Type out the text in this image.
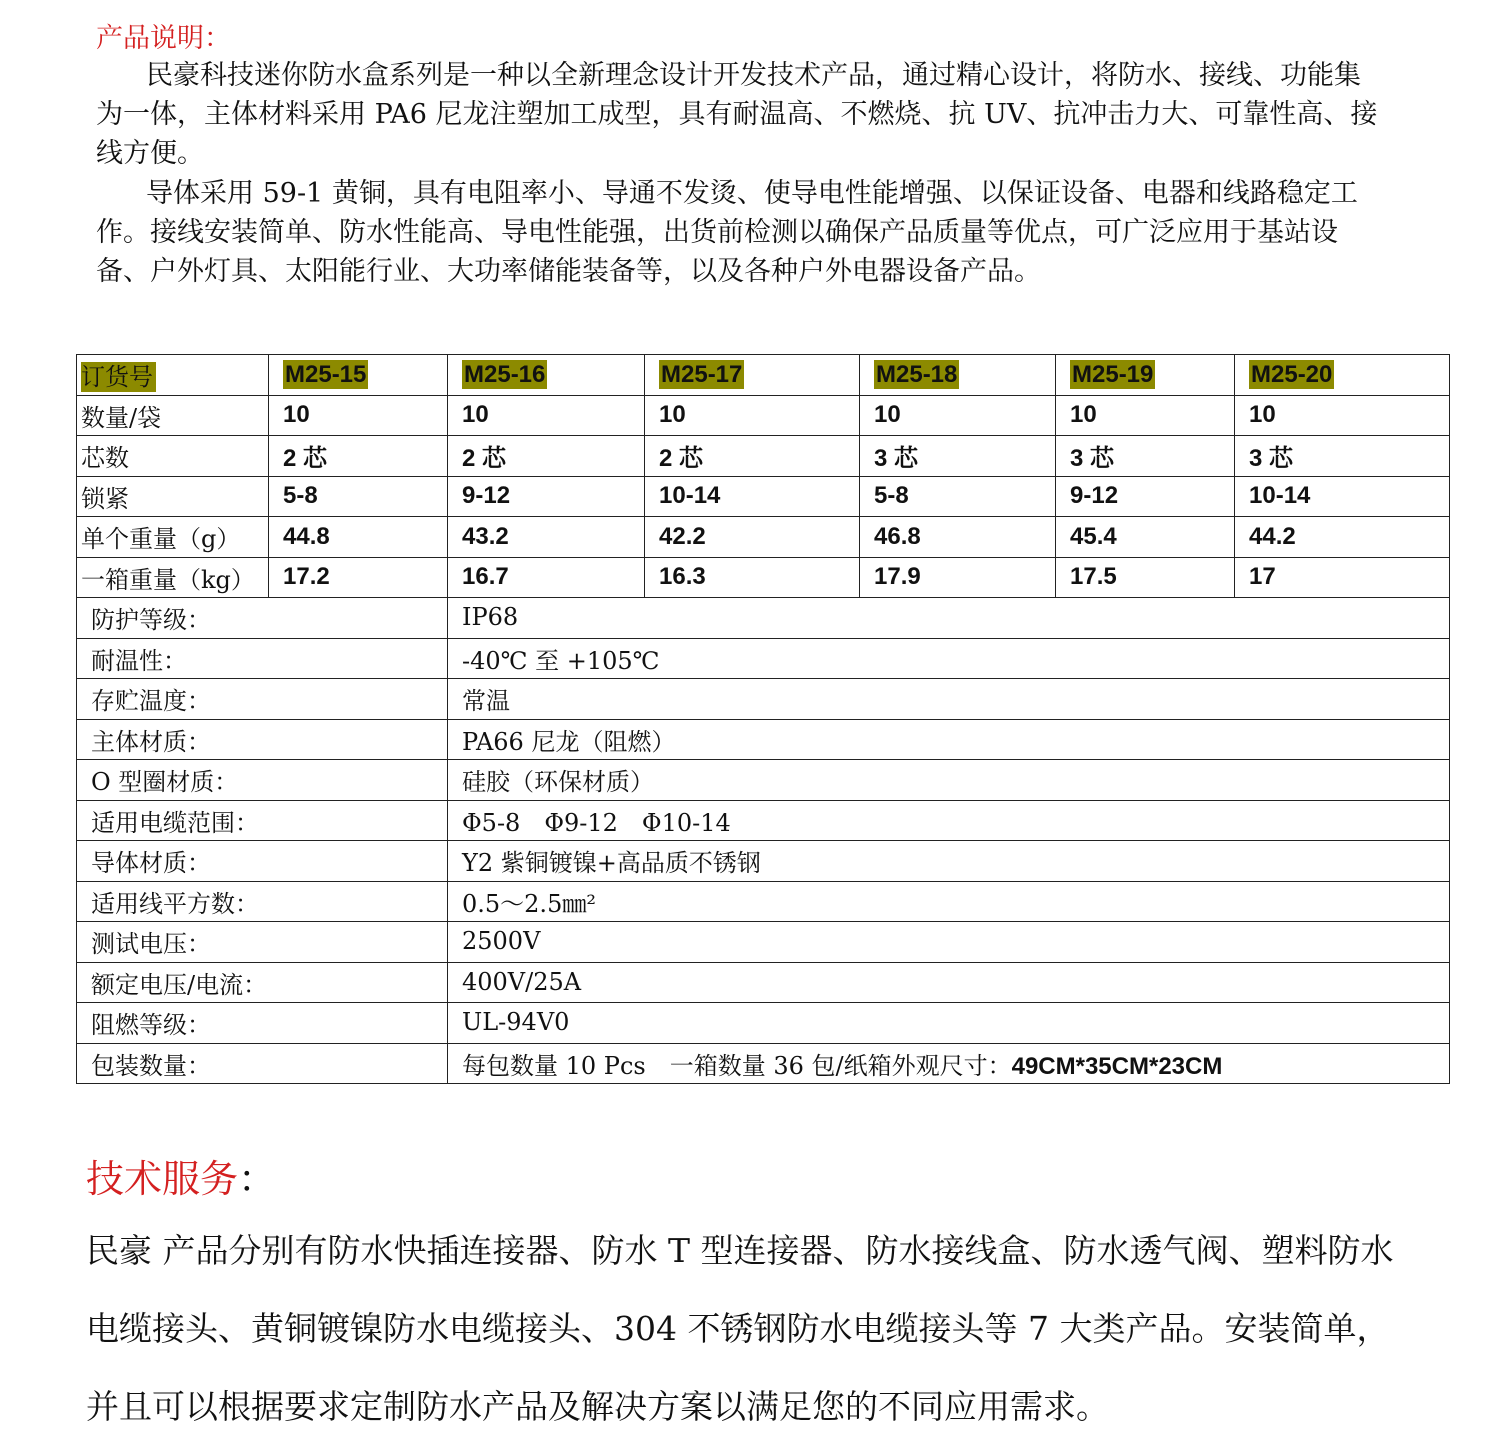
产品说明：

民豪科技迷你防水盒系列是一种以全新理念设计开发技术产品，通过精心设计，将防水、接线、功能集为一体，主体材料采用 PA6 尼龙注塑加工成型，具有耐温高、不燃烧、抗 UV、抗冲击力大、可靠性高、接线方便。

导体采用 59-1 黄铜，具有电阻率小、导通不发烫、使导电性能增强、以保证设备、电器和线路稳定工作。接线安装简单、防水性能高、导电性能强，出货前检测以确保产品质量等优点，可广泛应用于基站设备、户外灯具、太阳能行业、大功率储能装备等，以及各种户外电器设备产品。

订货号	M25-15	M25-16	M25-17	M25-18	M25-19	M25-20
数量/袋	10	10	10	10	10	10
芯数	2 芯	2 芯	2 芯	3 芯	3 芯	3 芯
锁紧	5-8	9-12	10-14	5-8	9-12	10-14
单个重量（g）	44.8	43.2	42.2	46.8	45.4	44.2
一箱重量（kg）	17.2	16.7	16.3	17.9	17.5	17
防护等级：		IP68				
耐温性：		-40℃ 至 +105℃				
存贮温度：		常温				
主体材质：		PA66 尼龙（阻燃）				
O 型圈材质：		硅胶（环保材质）				
适用电缆范围：		Φ5-8　Φ9-12　Φ10-14				
导体材质：		Y2 紫铜镀镍+高品质不锈钢				
适用线平方数：		0.5～2.5㎜²				
测试电压：		2500V				
额定电压/电流：		400V/25A				
阻燃等级：		UL-94V0				
包装数量：		每包数量 10 Pcs　一箱数量 36 包/纸箱外观尺寸：49CM*35CM*23CM				
技术服务：

民豪 产品分别有防水快插连接器、防水 T 型连接器、防水接线盒、防水透气阀、塑料防水电缆接头、黄铜镀镍防水电缆接头、304 不锈钢防水电缆接头等 7 大类产品。安装简单，并且可以根据要求定制防水产品及解决方案以满足您的不同应用需求。
